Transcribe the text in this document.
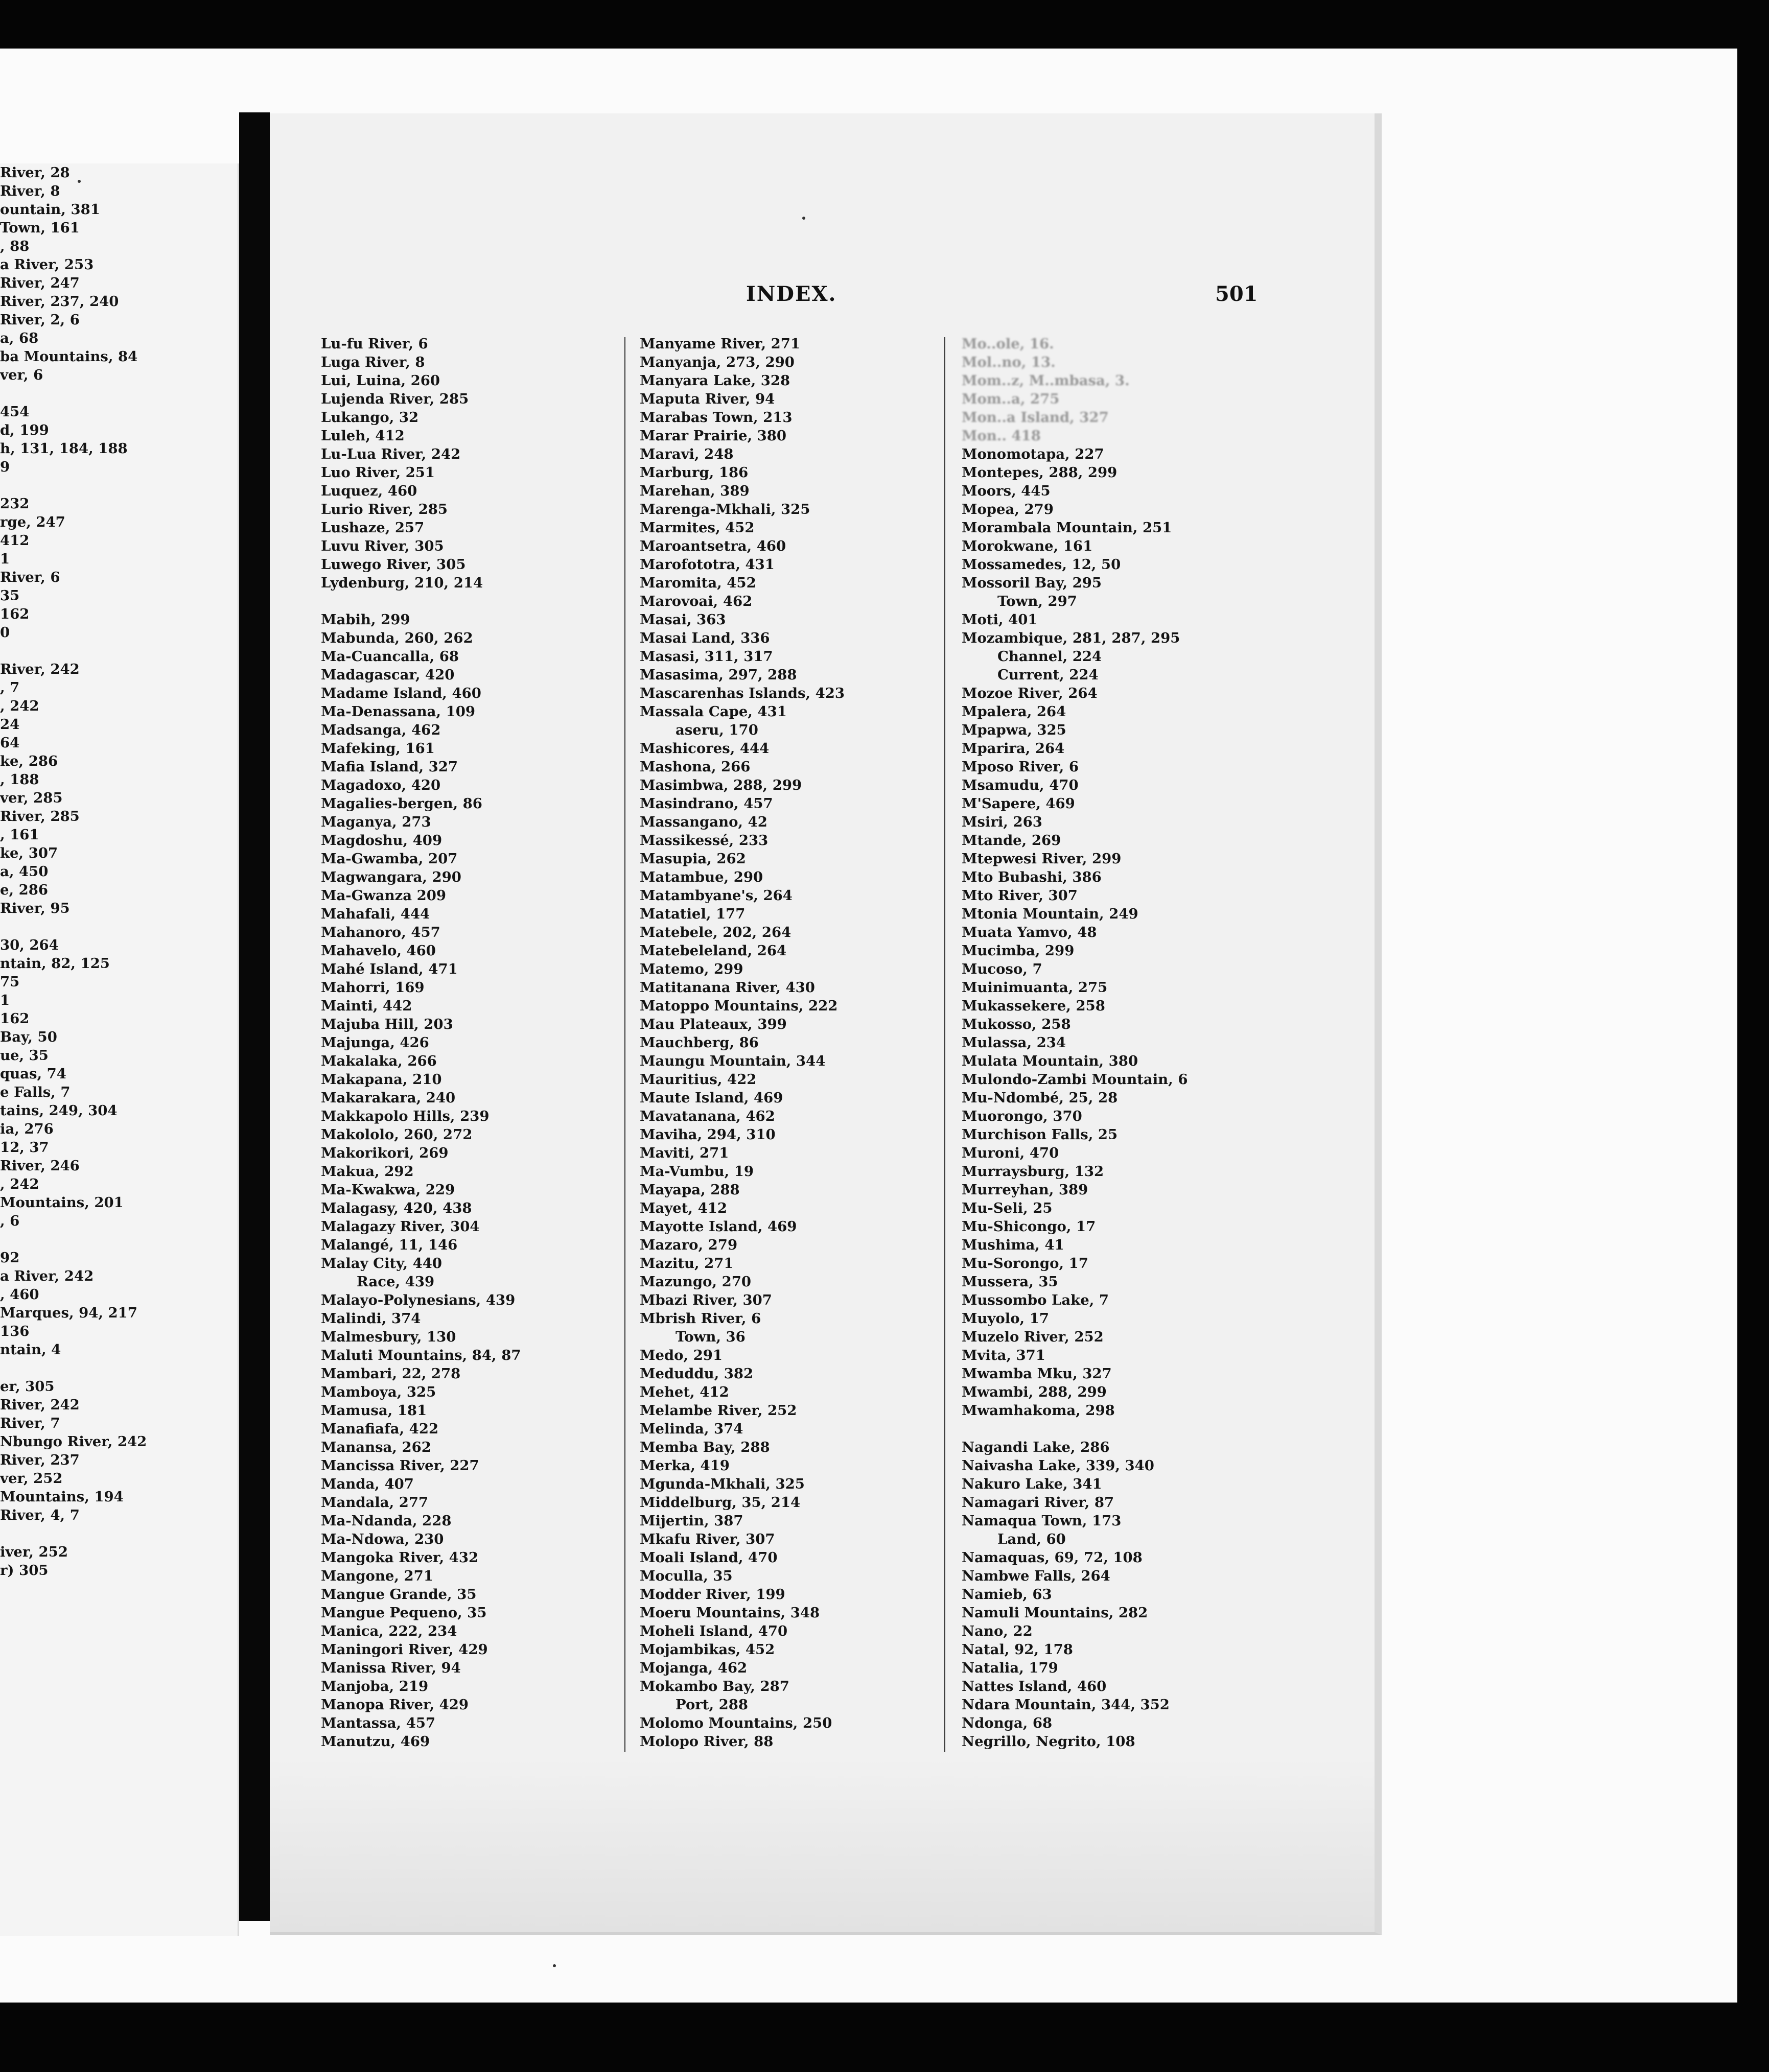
River, 28
River, 8
ountain, 381
Town, 161
, 88
a River, 253
River, 247
River, 237, 240
River, 2, 6
a, 68
ba Mountains, 84
ver, 6
454
d, 199
h, 131, 184, 188
9
232
rge, 247
412
1
River, 6
35
162
0
River, 242
, 7
, 242
24
64
ke, 286
, 188
ver, 285
River, 285
, 161
ke, 307
a, 450
e, 286
River, 95
30, 264
ntain, 82, 125
75
1
162
Bay, 50
ue, 35
quas, 74
e Falls, 7
tains, 249, 304
ia, 276
12, 37
River, 246
, 242
Mountains, 201
, 6
92
a River, 242
, 460
Marques, 94, 217
136
ntain, 4
er, 305
River, 242
River, 7
Nbungo River, 242
River, 237
ver, 252
Mountains, 194
River, 4, 7
iver, 252
r) 305
INDEX.	501
Lu-fu River, 6
Luga River, 8
Lui, Luina, 260
Lujenda River, 285
Lukango, 32
Luleh, 412
Lu-Lua River, 242
Luo River, 251
Luquez, 460
Lurio River, 285
Lushaze, 257
Luvu River, 305
Luwego River, 305
Lydenburg, 210, 214
Mabih, 299
Mabunda, 260, 262
Ma-Cuancalla, 68
Madagascar, 420
Madame Island, 460
Ma-Denassana, 109
Madsanga, 462
Mafeking, 161
Mafia Island, 327
Magadoxo, 420
Magalies-bergen, 86
Maganya, 273
Magdoshu, 409
Ma-Gwamba, 207
Magwangara, 290
Ma-Gwanza 209
Mahafali, 444
Mahanoro, 457
Mahavelo, 460
Mahé Island, 471
Mahorri, 169
Mainti, 442
Majuba Hill, 203
Majunga, 426
Makalaka, 266
Makapana, 210
Makarakara, 240
Makkapolo Hills, 239
Makololo, 260, 272
Makorikori, 269
Makua, 292
Ma-Kwakwa, 229
Malagasy, 420, 438
Malagazy River, 304
Malangé, 11, 146
Malay City, 440
Race, 439
Malayo-Polynesians, 439
Malindi, 374
Malmesbury, 130
Maluti Mountains, 84, 87
Mambari, 22, 278
Mamboya, 325
Mamusa, 181
Manafiafa, 422
Manansa, 262
Mancissa River, 227
Manda, 407
Mandala, 277
Ma-Ndanda, 228
Ma-Ndowa, 230
Mangoka River, 432
Mangone, 271
Mangue Grande, 35
Mangue Pequeno, 35
Manica, 222, 234
Maningori River, 429
Manissa River, 94
Manjoba, 219
Manopa River, 429
Mantassa, 457
Manutzu, 469
Manyame River, 271
Manyanja, 273, 290
Manyara Lake, 328
Maputa River, 94
Marabas Town, 213
Marar Prairie, 380
Maravi, 248
Marburg, 186
Marehan, 389
Marenga-Mkhali, 325
Marmites, 452
Maroantsetra, 460
Marofototra, 431
Maromita, 452
Marovoai, 462
Masai, 363
Masai Land, 336
Masasi, 311, 317
Masasima, 297, 288
Mascarenhas Islands, 423
Massala Cape, 431
aseru, 170
Mashicores, 444
Mashona, 266
Masimbwa, 288, 299
Masindrano, 457
Massangano, 42
Massikessé, 233
Masupia, 262
Matambue, 290
Matambyane's, 264
Matatiel, 177
Matebele, 202, 264
Matebeleland, 264
Matemo, 299
Matitanana River, 430
Matoppo Mountains, 222
Mau Plateaux, 399
Mauchberg, 86
Maungu Mountain, 344
Mauritius, 422
Maute Island, 469
Mavatanana, 462
Maviha, 294, 310
Maviti, 271
Ma-Vumbu, 19
Mayapa, 288
Mayet, 412
Mayotte Island, 469
Mazaro, 279
Mazitu, 271
Mazungo, 270
Mbazi River, 307
Mbrish River, 6
Town, 36
Medo, 291
Meduddu, 382
Mehet, 412
Melambe River, 252
Melinda, 374
Memba Bay, 288
Merka, 419
Mgunda-Mkhali, 325
Middelburg, 35, 214
Mijertin, 387
Mkafu River, 307
Moali Island, 470
Moculla, 35
Modder River, 199
Moeru Mountains, 348
Moheli Island, 470
Mojambikas, 452
Mojanga, 462
Mokambo Bay, 287
Port, 288
Molomo Mountains, 250
Molopo River, 88
Mo..ole, 16.
Mol..no, 13.
Mom..z, M..mbasa, 3.
Mom..a, 275
Mon..a Island, 327
Mon.. 418
Monomotapa, 227
Montepes, 288, 299
Moors, 445
Mopea, 279
Morambala Mountain, 251
Morokwane, 161
Mossamedes, 12, 50
Mossoril Bay, 295
Town, 297
Moti, 401
Mozambique, 281, 287, 295
Channel, 224
Current, 224
Mozoe River, 264
Mpalera, 264
Mpapwa, 325
Mparira, 264
Mposo River, 6
Msamudu, 470
M'Sapere, 469
Msiri, 263
Mtande, 269
Mtepwesi River, 299
Mto Bubashi, 386
Mto River, 307
Mtonia Mountain, 249
Muata Yamvo, 48
Mucimba, 299
Mucoso, 7
Muinimuanta, 275
Mukassekere, 258
Mukosso, 258
Mulassa, 234
Mulata Mountain, 380
Mulondo-Zambi Mountain, 6
Mu-Ndombé, 25, 28
Muorongo, 370
Murchison Falls, 25
Muroni, 470
Murraysburg, 132
Murreyhan, 389
Mu-Seli, 25
Mu-Shicongo, 17
Mushima, 41
Mu-Sorongo, 17
Mussera, 35
Mussombo Lake, 7
Muyolo, 17
Muzelo River, 252
Mvita, 371
Mwamba Mku, 327
Mwambi, 288, 299
Mwamhakoma, 298
Nagandi Lake, 286
Naivasha Lake, 339, 340
Nakuro Lake, 341
Namagari River, 87
Namaqua Town, 173
Land, 60
Namaquas, 69, 72, 108
Nambwe Falls, 264
Namieb, 63
Namuli Mountains, 282
Nano, 22
Natal, 92, 178
Natalia, 179
Nattes Island, 460
Ndara Mountain, 344, 352
Ndonga, 68
Negrillo, Negrito, 108
